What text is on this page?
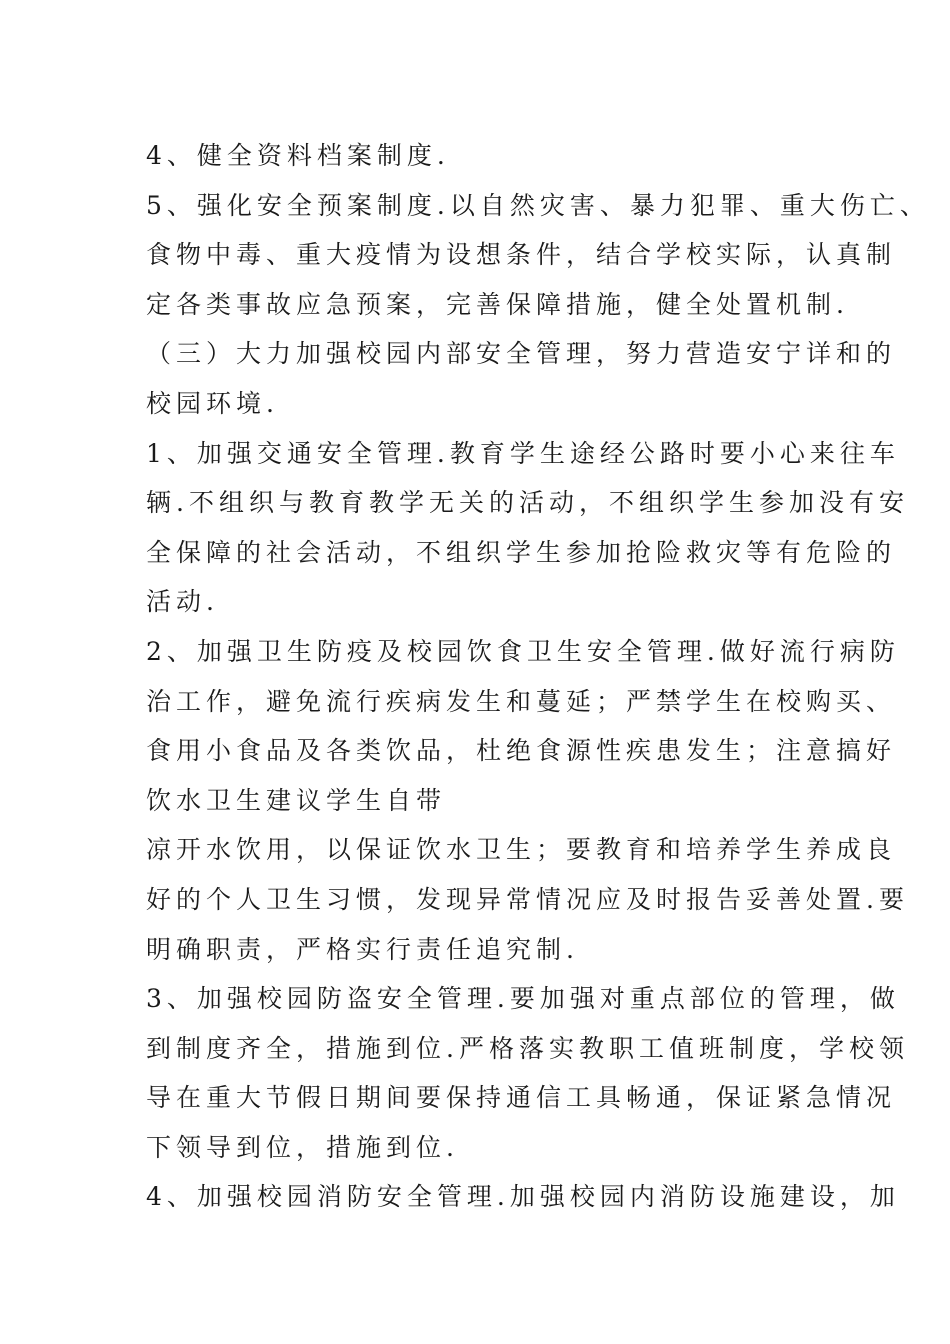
4、健全资料档案制度.
5、强化安全预案制度.以自然灾害、暴力犯罪、重大伤亡、
食物中毒、重大疫情为设想条件，结合学校实际，认真制
定各类事故应急预案，完善保障措施，健全处置机制.
（三）大力加强校园内部安全管理，努力营造安宁详和的
校园环境.
1、加强交通安全管理.教育学生途经公路时要小心来往车
辆.不组织与教育教学无关的活动，不组织学生参加没有安
全保障的社会活动，不组织学生参加抢险救灾等有危险的
活动.
2、加强卫生防疫及校园饮食卫生安全管理.做好流行病防
治工作，避免流行疾病发生和蔓延；严禁学生在校购买、
食用小食品及各类饮品，杜绝食源性疾患发生；注意搞好
饮水卫生建议学生自带
凉开水饮用，以保证饮水卫生；要教育和培养学生养成良
好的个人卫生习惯，发现异常情况应及时报告妥善处置.要
明确职责，严格实行责任追究制.
3、加强校园防盗安全管理.要加强对重点部位的管理，做
到制度齐全，措施到位.严格落实教职工值班制度，学校领
导在重大节假日期间要保持通信工具畅通，保证紧急情况
下领导到位，措施到位.
4、加强校园消防安全管理.加强校园内消防设施建设，加
